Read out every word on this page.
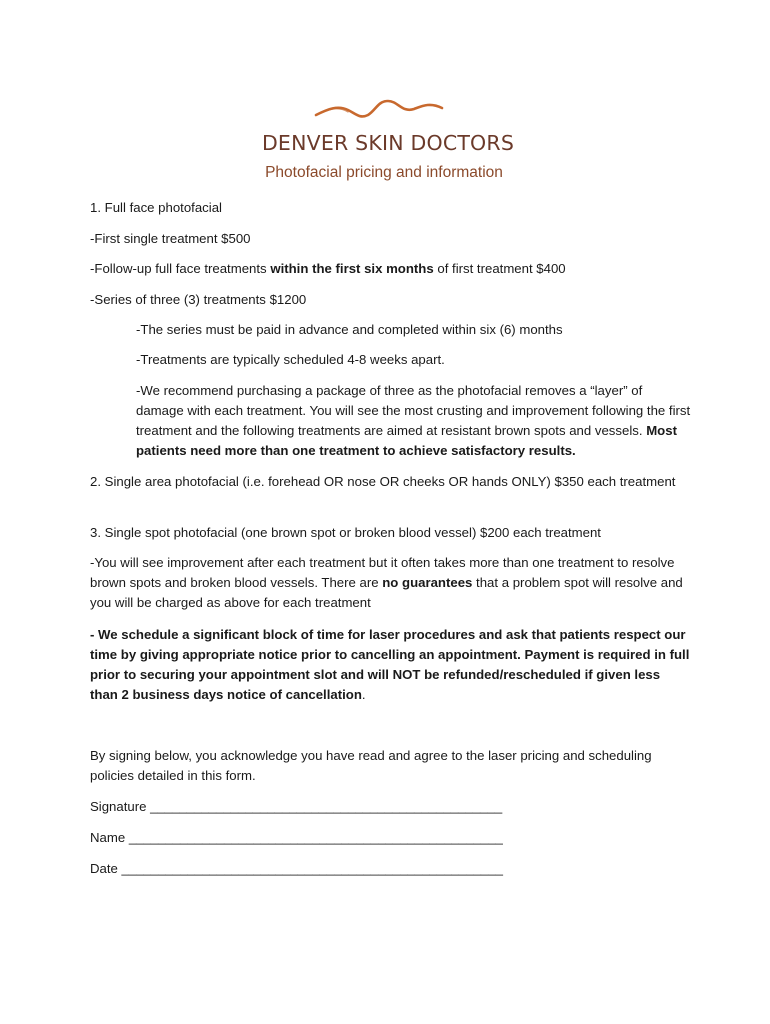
DENVER SKIN DOCTORS
Photofacial pricing and information

1. Full face photofacial

-First single treatment $500

-Follow-up full face treatments within the first six months of first treatment $400

-Series of three (3) treatments $1200

-The series must be paid in advance and completed within six (6) months

-Treatments are typically scheduled 4-8 weeks apart.

-We recommend purchasing a package of three as the photofacial removes a “layer” of damage with each treatment. You will see the most crusting and improvement following the first treatment and the following treatments are aimed at resistant brown spots and vessels. Most patients need more than one treatment to achieve satisfactory results.

2. Single area photofacial (i.e. forehead OR nose OR cheeks OR hands ONLY) $350 each treatment

3. Single spot photofacial (one brown spot or broken blood vessel) $200 each treatment

-You will see improvement after each treatment but it often takes more than one treatment to resolve brown spots and broken blood vessels. There are no guarantees that a problem spot will resolve and you will be charged as above for each treatment

- We schedule a significant block of time for laser procedures and ask that patients respect our time by giving appropriate notice prior to cancelling an appointment. Payment is required in full prior to securing your appointment slot and will NOT be refunded/rescheduled if given less than 2 business days notice of cancellation.

By signing below, you acknowledge you have read and agree to the laser pricing and scheduling policies detailed in this form.

Signature ________________________________________________

Name ___________________________________________________

Date ____________________________________________________
